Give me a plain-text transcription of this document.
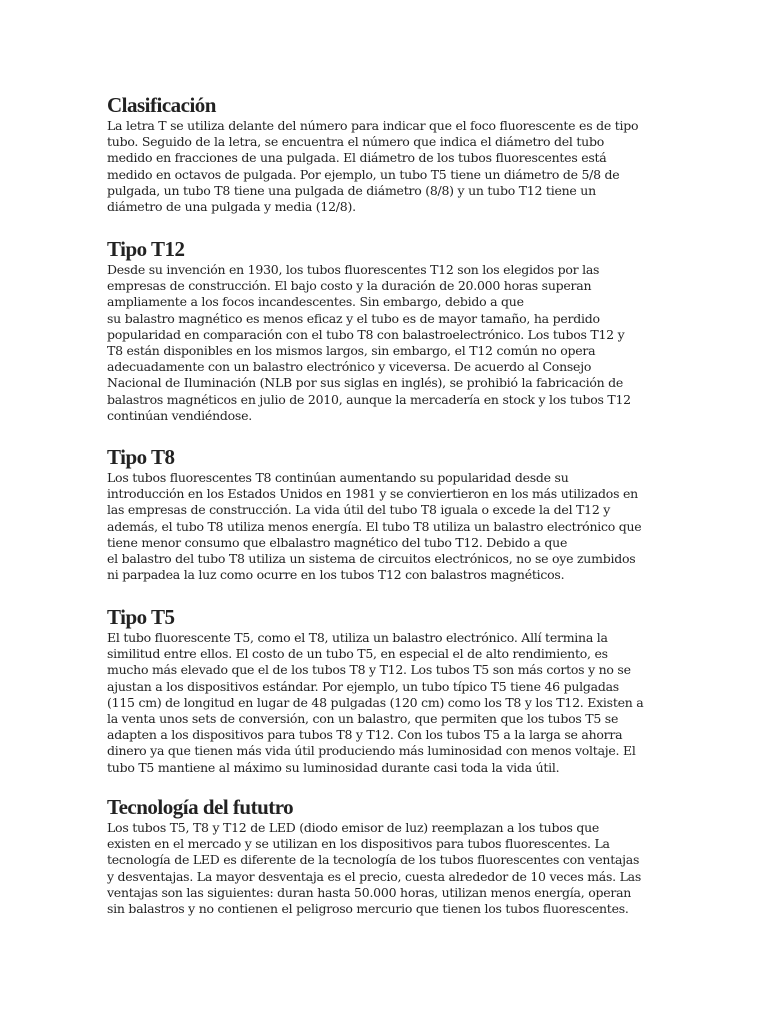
Clasificación

La letra T se utiliza delante del número para indicar que el foco fluorescente es de tipo
tubo. Seguido de la letra, se encuentra el número que indica el diámetro del tubo
medido en fracciones de una pulgada. El diámetro de los tubos fluorescentes está
medido en octavos de pulgada. Por ejemplo, un tubo T5 tiene un diámetro de 5/8 de
pulgada, un tubo T8 tiene una pulgada de diámetro (8/8) y un tubo T12 tiene un
diámetro de una pulgada y media (12/8).

Tipo T12

Desde su invención en 1930, los tubos fluorescentes T12 son los elegidos por las
empresas de construcción. El bajo costo y la duración de 20.000 horas superan
ampliamente a los focos incandescentes. Sin embargo, debido a que
su balastro magnético es menos eficaz y el tubo es de mayor tamaño, ha perdido
popularidad en comparación con el tubo T8 con balastroelectrónico. Los tubos T12 y
T8 están disponibles en los mismos largos, sin embargo, el T12 común no opera
adecuadamente con un balastro electrónico y viceversa. De acuerdo al Consejo
Nacional de Iluminación (NLB por sus siglas en inglés), se prohibió la fabricación de
balastros magnéticos en julio de 2010, aunque la mercadería en stock y los tubos T12
continúan vendiéndose.

Tipo T8

Los tubos fluorescentes T8 continúan aumentando su popularidad desde su
introducción en los Estados Unidos en 1981 y se conviertieron en los más utilizados en
las empresas de construcción. La vida útil del tubo T8 iguala o excede la del T12 y
además, el tubo T8 utiliza menos energía. El tubo T8 utiliza un balastro electrónico que
tiene menor consumo que elbalastro magnético del tubo T12. Debido a que
el balastro del tubo T8 utiliza un sistema de circuitos electrónicos, no se oye zumbidos
ni parpadea la luz como ocurre en los tubos T12 con balastros magnéticos.

Tipo T5

El tubo fluorescente T5, como el T8, utiliza un balastro electrónico. Allí termina la
similitud entre ellos. El costo de un tubo T5, en especial el de alto rendimiento, es
mucho más elevado que el de los tubos T8 y T12. Los tubos T5 son más cortos y no se
ajustan a los dispositivos estándar. Por ejemplo, un tubo típico T5 tiene 46 pulgadas
(115 cm) de longitud en lugar de 48 pulgadas (120 cm) como los T8 y los T12. Existen a
la venta unos sets de conversión, con un balastro, que permiten que los tubos T5 se
adapten a los dispositivos para tubos T8 y T12. Con los tubos T5 a la larga se ahorra
dinero ya que tienen más vida útil produciendo más luminosidad con menos voltaje. El
tubo T5 mantiene al máximo su luminosidad durante casi toda la vida útil.

Tecnología del fututro

Los tubos T5, T8 y T12 de LED (diodo emisor de luz) reemplazan a los tubos que
existen en el mercado y se utilizan en los dispositivos para tubos fluorescentes. La
tecnología de LED es diferente de la tecnología de los tubos fluorescentes con ventajas
y desventajas. La mayor desventaja es el precio, cuesta alrededor de 10 veces más. Las
ventajas son las siguientes: duran hasta 50.000 horas, utilizan menos energía, operan
sin balastros y no contienen el peligroso mercurio que tienen los tubos fluorescentes.
